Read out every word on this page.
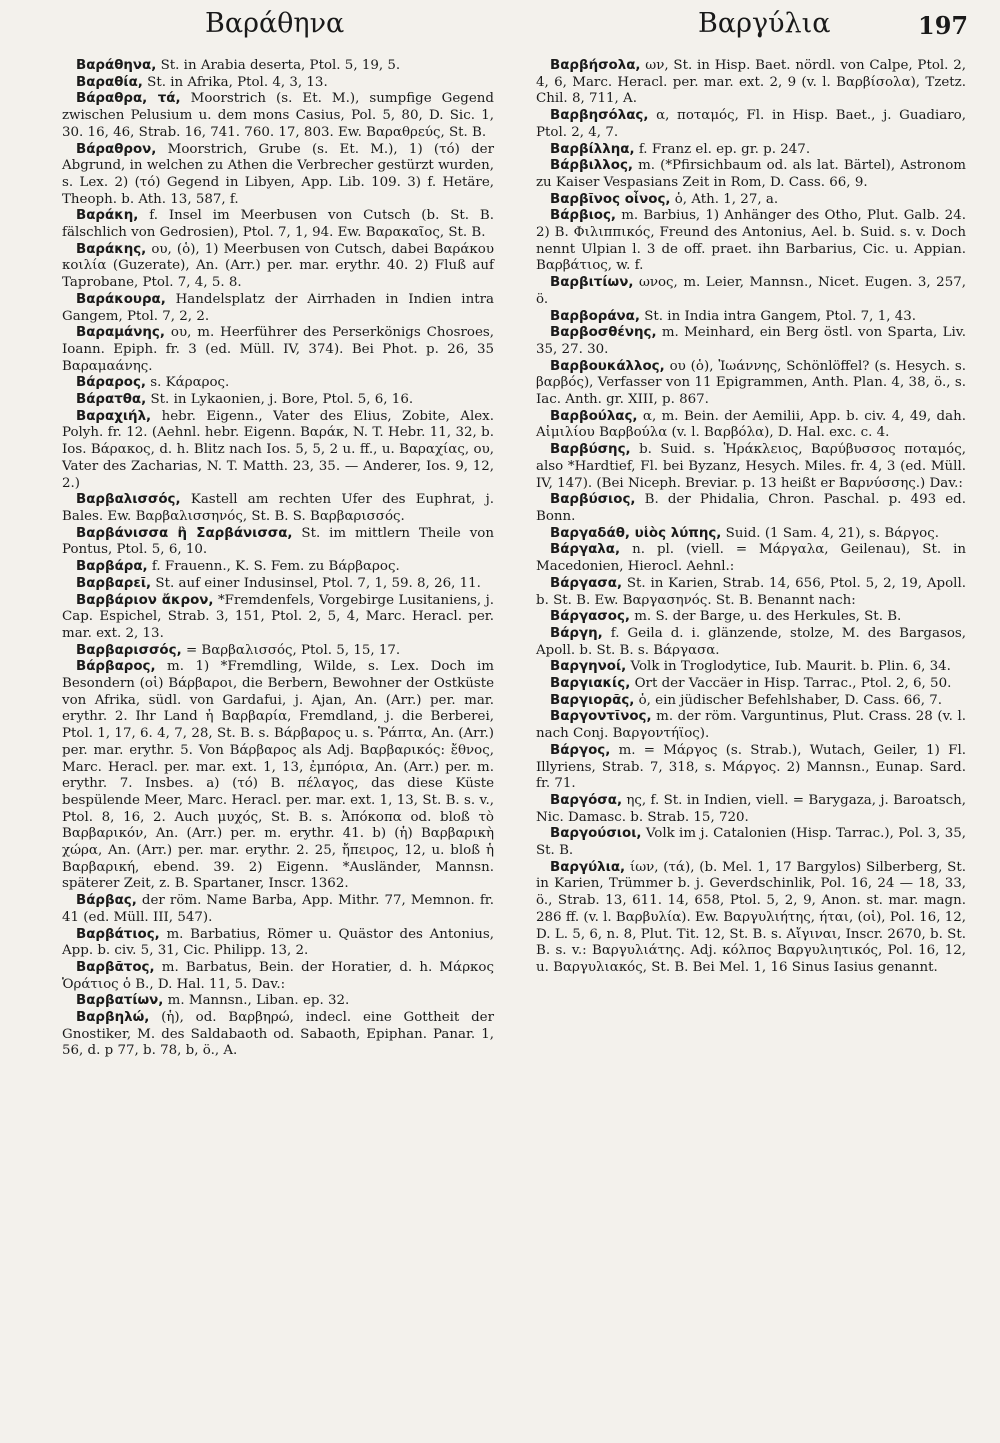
Βαράθηνα	Βαργύλια	197

Βαράθηνα, St. in Arabia deserta, Ptol. 5, 19, 5.

Βαραθία, St. in Afrika, Ptol. 4, 3, 13.

Βάραθρα, τά, Moorstrich (s. Et. M.), sumpfige Gegend zwischen Pelusium u. dem mons Casius, Pol. 5, 80, D. Sic. 1, 30. 16, 46, Strab. 16, 741. 760. 17, 803. Ew. Βαραθρεύς, St. B.

Βάραθρον, Moorstrich, Grube (s. Et. M.), 1) (τό) der Abgrund, in welchen zu Athen die Verbrecher gestürzt wurden, s. Lex. 2) (τό) Gegend in Libyen, App. Lib. 109. 3) f. Hetäre, Theoph. b. Ath. 13, 587, f.

Βαράκη, f. Insel im Meerbusen von Cutsch (b. St. B. fälschlich von Gedrosien), Ptol. 7, 1, 94. Ew. Βαρακαῖος, St. B.

Βαράκης, ου, (ὁ), 1) Meerbusen von Cutsch, dabei Βαράκου κοιλία (Guzerate), An. (Arr.) per. mar. erythr. 40. 2) Fluß auf Taprobane, Ptol. 7, 4, 5. 8.

Βαράκουρα, Handelsplatz der Airrhaden in Indien intra Gangem, Ptol. 7, 2, 2.

Βαραμάνης, ου, m. Heerführer des Perserkönigs Chosroes, Ioann. Epiph. fr. 3 (ed. Müll. IV, 374). Bei Phot. p. 26, 35 Βαραμαάνης.

Βάραρος, s. Κάραρος.

Βάρατθα, St. in Lykaonien, j. Bore, Ptol. 5, 6, 16.

Βαραχιήλ, hebr. Eigenn., Vater des Elius, Zobite, Alex. Polyh. fr. 12. (Aehnl. hebr. Eigenn. Βαράκ, N. T. Hebr. 11, 32, b. Ios. Βάρακος, d. h. Blitz nach Ios. 5, 5, 2 u. ff., u. Βαραχίας, ου, Vater des Zacharias, N. T. Matth. 23, 35. — Anderer, Ios. 9, 12, 2.)

Βαρβαλισσός, Kastell am rechten Ufer des Euphrat, j. Bales. Ew. Βαρβαλισσηνός, St. B. S. Βαρβαρισσός.

Βαρβάνισσα ἢ Σαρβάνισσα, St. im mittlern Theile von Pontus, Ptol. 5, 6, 10.

Βαρβάρα, f. Frauenn., K. S. Fem. zu Βάρβαρος.

Βαρβαρεῖ, St. auf einer Indusinsel, Ptol. 7, 1, 59. 8, 26, 11.

Βαρβάριον ἄκρον, *Fremdenfels, Vorgebirge Lusitaniens, j. Cap. Espichel, Strab. 3, 151, Ptol. 2, 5, 4, Marc. Heracl. per. mar. ext. 2, 13.

Βαρβαρισσός, = Βαρβαλισσός, Ptol. 5, 15, 17.

Βάρβαρος, m. 1) *Fremdling, Wilde, s. Lex. Doch im Besondern (οἱ) Βάρβαροι, die Berbern, Bewohner der Ostküste von Afrika, südl. von Gardafui, j. Ajan, An. (Arr.) per. mar. erythr. 2. Ihr Land ἡ Βαρβαρία, Fremdland, j. die Berberei, Ptol. 1, 17, 6. 4, 7, 28, St. B. s. Βάρβαρος u. s. Ῥάπτα, An. (Arr.) per. mar. erythr. 5. Von Βάρβαρος als Adj. Βαρβαρικός: ἔθνος, Marc. Heracl. per. mar. ext. 1, 13, ἐμπόρια, An. (Arr.) per. m. erythr. 7. Insbes. a) (τό) Β. πέλαγος, das diese Küste bespülende Meer, Marc. Heracl. per. mar. ext. 1, 13, St. B. s. v., Ptol. 8, 16, 2. Auch μυχός, St. B. s. Ἀπόκοπα od. bloß τὸ Βαρβαρικόν, An. (Arr.) per. m. erythr. 41. b) (ἡ) Βαρβαρικὴ χώρα, An. (Arr.) per. mar. erythr. 2. 25, ἤπειρος, 12, u. bloß ἡ Βαρβαρική, ebend. 39. 2) Eigenn. *Ausländer, Mannsn. späterer Zeit, z. B. Spartaner, Inscr. 1362.

Βάρβας, der röm. Name Barba, App. Mithr. 77, Memnon. fr. 41 (ed. Müll. III, 547).

Βαρβάτιος, m. Barbatius, Römer u. Quästor des Antonius, App. b. civ. 5, 31, Cic. Philipp. 13, 2.

Βαρβᾶτος, m. Barbatus, Bein. der Horatier, d. h. Μάρκος Ὁράτιος ὁ Β., D. Hal. 11, 5. Dav.:

Βαρβατίων, m. Mannsn., Liban. ep. 32.

Βαρβηλώ, (ἡ), od. Βαρβηρώ, indecl. eine Gottheit der Gnostiker, M. des Saldabaoth od. Sabaoth, Epiphan. Panar. 1, 56, d. p 77, b. 78, b, ö., A.

Βαρβήσολα, ων, St. in Hisp. Baet. nördl. von Calpe, Ptol. 2, 4, 6, Marc. Heracl. per. mar. ext. 2, 9 (v. l. Βαρβίσολα), Tzetz. Chil. 8, 711, A.

Βαρβησόλας, α, ποταμός, Fl. in Hisp. Baet., j. Guadiaro, Ptol. 2, 4, 7.

Βαρβίλληα, f. Franz el. ep. gr. p. 247.

Βάρβιλλος, m. (*Pfirsichbaum od. als lat. Bärtel), Astronom zu Kaiser Vespasians Zeit in Rom, D. Cass. 66, 9.

Βαρβῖνος οἶνος, ὁ, Ath. 1, 27, a.

Βάρβιος, m. Barbius, 1) Anhänger des Otho, Plut. Galb. 24. 2) Β. Φιλιππικός, Freund des Antonius, Ael. b. Suid. s. v. Doch nennt Ulpian l. 3 de off. praet. ihn Barbarius, Cic. u. Appian. Βαρβάτιος, w. f.

Βαρβιτίων, ωνος, m. Leier, Mannsn., Nicet. Eugen. 3, 257, ö.

Βαρβοράνα, St. in India intra Gangem, Ptol. 7, 1, 43.

Βαρβοσθένης, m. Meinhard, ein Berg östl. von Sparta, Liv. 35, 27. 30.

Βαρβουκάλλος, ου (ὁ), Ἰωάννης, Schönlöffel? (s. Hesych. s. βαρβός), Verfasser von 11 Epigrammen, Anth. Plan. 4, 38, ö., s. Iac. Anth. gr. XIII, p. 867.

Βαρβούλας, α, m. Bein. der Aemilii, App. b. civ. 4, 49, dah. Αἰμιλίου Βαρβούλα (v. l. Βαρβόλα), D. Hal. exc. c. 4.

Βαρβύσης, b. Suid. s. Ἡράκλειος, Βαρύβυσσος ποταμός, also *Hardtief, Fl. bei Byzanz, Hesych. Miles. fr. 4, 3 (ed. Müll. IV, 147). (Bei Niceph. Breviar. p. 13 heißt er Βαρνύσσης.) Dav.:

Βαρβύσιος, B. der Phidalia, Chron. Paschal. p. 493 ed. Bonn.

Βαργαδάθ, υἱὸς λύπης, Suid. (1 Sam. 4, 21), s. Βάργος.

Βάργαλα, n. pl. (viell. = Μάργαλα, Geilenau), St. in Macedonien, Hierocl. Aehnl.:

Βάργασα, St. in Karien, Strab. 14, 656, Ptol. 5, 2, 19, Apoll. b. St. B. Ew. Βαργασηνός. St. B. Benannt nach:

Βάργασος, m. S. der Barge, u. des Herkules, St. B.

Βάργη, f. Geila d. i. glänzende, stolze, M. des Bargasos, Apoll. b. St. B. s. Βάργασα.

Βαργηνοί, Volk in Troglodytice, Iub. Maurit. b. Plin. 6, 34.

Βαργιακίς, Ort der Vaccäer in Hisp. Tarrac., Ptol. 2, 6, 50.

Βαργιορᾶς, ὁ, ein jüdischer Befehlshaber, D. Cass. 66, 7.

Βαργοντῖνος, m. der röm. Varguntinus, Plut. Crass. 28 (v. l. nach Conj. Βαργοντήϊος).

Βάργος, m. = Μάργος (s. Strab.), Wutach, Geiler, 1) Fl. Illyriens, Strab. 7, 318, s. Μάργος. 2) Mannsn., Eunap. Sard. fr. 71.

Βαργόσα, ης, f. St. in Indien, viell. = Barygaza, j. Baroatsch, Nic. Damasc. b. Strab. 15, 720.

Βαργούσιοι, Volk im j. Catalonien (Hisp. Tarrac.), Pol. 3, 35, St. B.

Βαργύλια, ίων, (τά), (b. Mel. 1, 17 Bargylos) Silberberg, St. in Karien, Trümmer b. j. Geverdschinlik, Pol. 16, 24 — 18, 33, ö., Strab. 13, 611. 14, 658, Ptol. 5, 2, 9, Anon. st. mar. magn. 286 ff. (v. l. Βαρβυλία). Ew. Βαργυλιήτης, ήται, (οἱ), Pol. 16, 12, D. L. 5, 6, n. 8, Plut. Tit. 12, St. B. s. Αἴγιναι, Inscr. 2670, b. St. B. s. v.: Βαργυλιάτης. Adj. κόλπος Βαργυλιητικός, Pol. 16, 12, u. Βαργυλιακός, St. B. Bei Mel. 1, 16 Sinus Iasius genannt.
